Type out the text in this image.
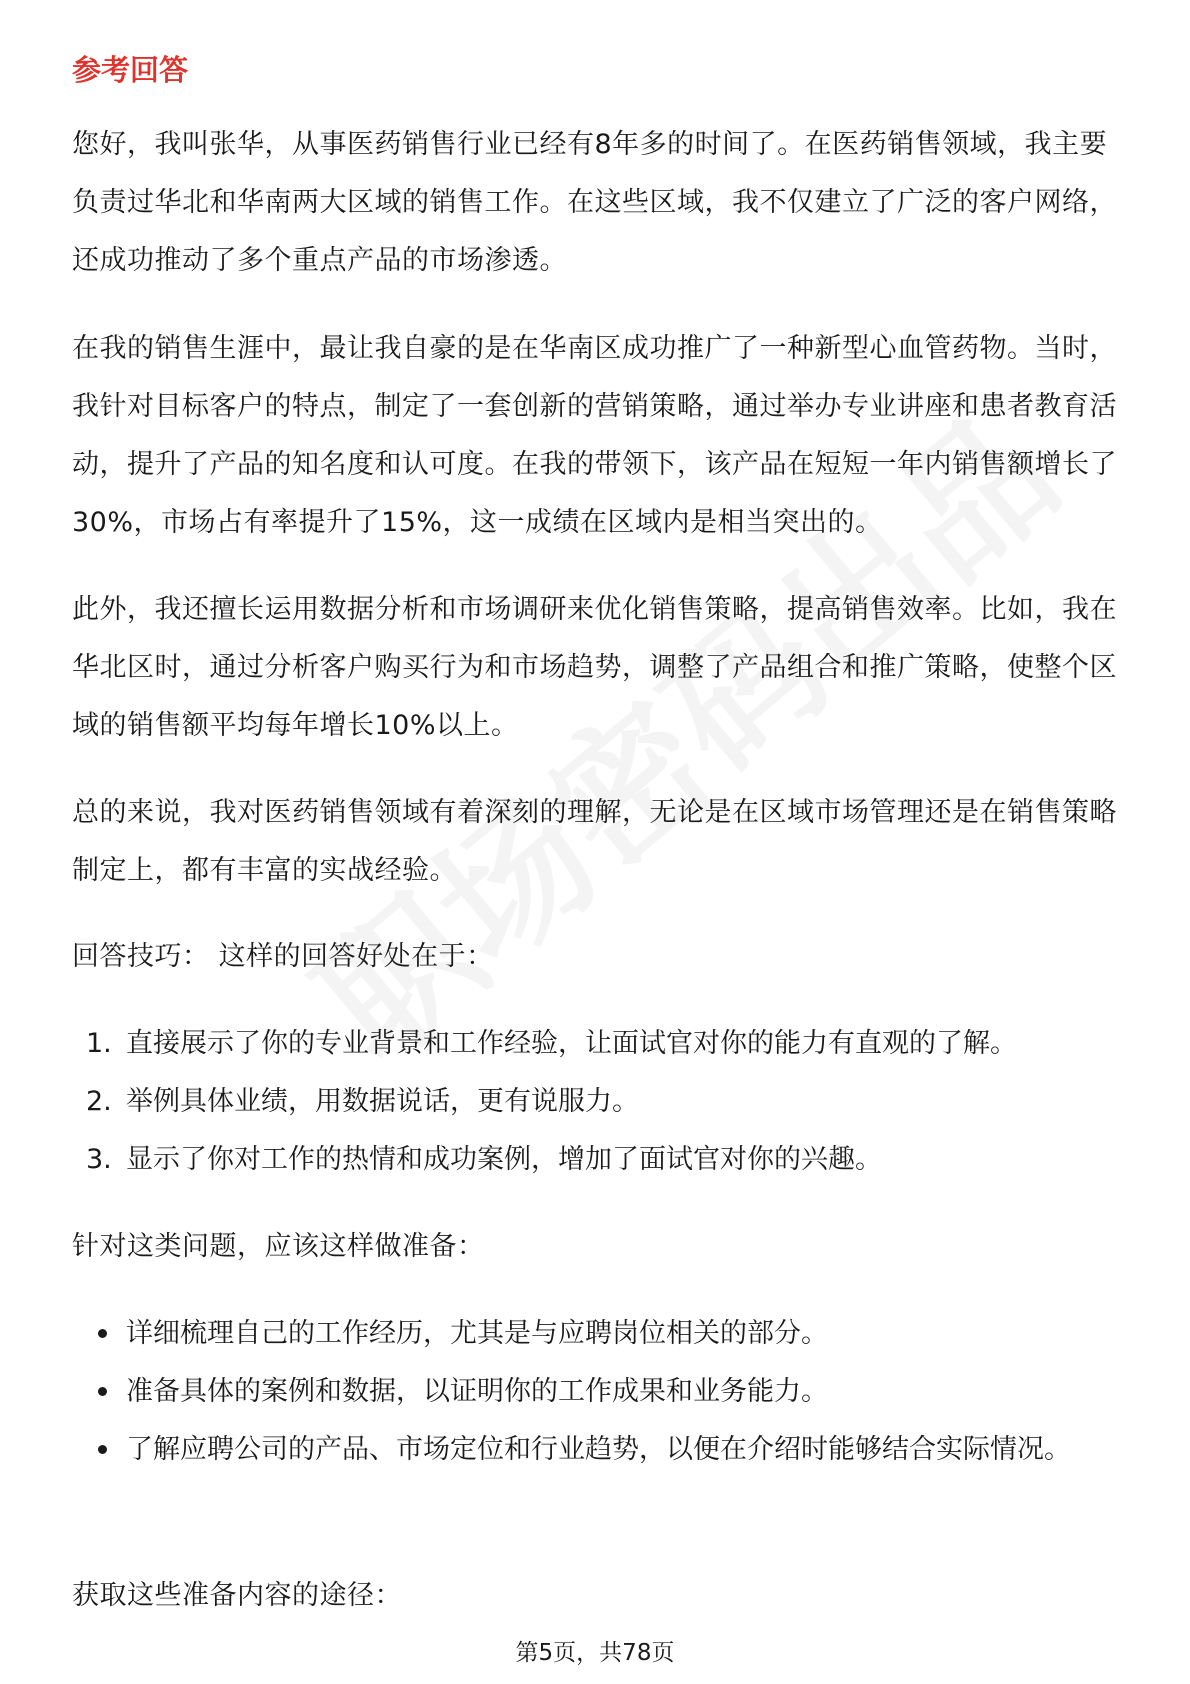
参考回答

您好，我叫张华，从事医药销售行业已经有8年多的时间了。在医药销售领域，我主要负责过华北和华南两大区域的销售工作。在这些区域，我不仅建立了广泛的客户网络，还成功推动了多个重点产品的市场渗透。

在我的销售生涯中，最让我自豪的是在华南区成功推广了一种新型心血管药物。当时，我针对目标客户的特点，制定了一套创新的营销策略，通过举办专业讲座和患者教育活动，提升了产品的知名度和认可度。在我的带领下，该产品在短短一年内销售额增长了30%，市场占有率提升了15%，这一成绩在区域内是相当突出的。

此外，我还擅长运用数据分析和市场调研来优化销售策略，提高销售效率。比如，我在华北区时，通过分析客户购买行为和市场趋势，调整了产品组合和推广策略，使整个区域的销售额平均每年增长10%以上。

总的来说，我对医药销售领域有着深刻的理解，无论是在区域市场管理还是在销售策略制定上，都有丰富的实战经验。

回答技巧： 这样的回答好处在于：

1. 直接展示了你的专业背景和工作经验，让面试官对你的能力有直观的了解。
2. 举例具体业绩，用数据说话，更有说服力。
3. 显示了你对工作的热情和成功案例，增加了面试官对你的兴趣。

针对这类问题，应该这样做准备：

详细梳理自己的工作经历，尤其是与应聘岗位相关的部分。
准备具体的案例和数据，以证明你的工作成果和业务能力。
了解应聘公司的产品、市场定位和行业趋势，以便在介绍时能够结合实际情况。

获取这些准备内容的途径：

第5页，共78页
